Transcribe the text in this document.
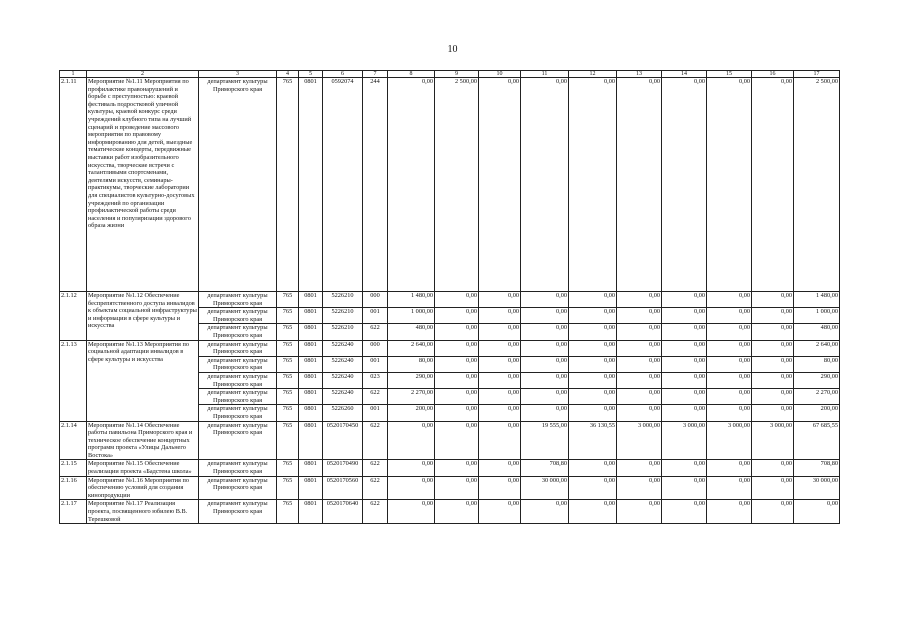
10
1	2	3	4	5	6	7	8	9	10	11	12	13	14	15	16	17
2.1.11	Мероприятие №1.11 Мероприятия по профилактике правонарушений и борьбе с преступностью: краевой фестиваль подростковой уличной культуры, краевой конкурс среди учреждений клубного типа на лучший сценарий и проведение массового мероприятия по правовому информированию для детей, выездные тематические концерты, передвижные выставки работ изобразительного искусства, творческие встречи с талантливыми спортсменами, деятелями искусств, семинары-практикумы, творческие лаборатории для специалистов культурно-досуговых учреждений по организации профилактической работы среди населения и популяризации здорового образа жизни	департамент культуры Приморского края	765	0801	0592074	244	0,00	2 500,00	0,00	0,00	0,00	0,00	0,00	0,00	0,00	2 500,00
2.1.12	Мероприятие №1.12 Обеспечение беспрепятственного доступа инвалидов к объектам социальной инфраструктуры и информации в сфере культуры и искусства	департамент культуры Приморского края	765	0801	5226210	000	1 480,00	0,00	0,00	0,00	0,00	0,00	0,00	0,00	0,00	1 480,00
		департамент культуры Приморского края	765	0801	5226210	001	1 000,00	0,00	0,00	0,00	0,00	0,00	0,00	0,00	0,00	1 000,00
		департамент культуры Приморского края	765	0801	5226210	622	480,00	0,00	0,00	0,00	0,00	0,00	0,00	0,00	0,00	480,00
2.1.13	Мероприятие №1.13 Мероприятия по социальной адаптации инвалидов в сфере культуры и искусства	департамент культуры Приморского края	765	0801	5226240	000	2 640,00	0,00	0,00	0,00	0,00	0,00	0,00	0,00	0,00	2 640,00
		департамент культуры Приморского края	765	0801	5226240	001	80,00	0,00	0,00	0,00	0,00	0,00	0,00	0,00	0,00	80,00
		департамент культуры Приморского края	765	0801	5226240	023	290,00	0,00	0,00	0,00	0,00	0,00	0,00	0,00	0,00	290,00
		департамент культуры Приморского края	765	0801	5226240	622	2 270,00	0,00	0,00	0,00	0,00	0,00	0,00	0,00	0,00	2 270,00
		департамент культуры Приморского края	765	0801	5226260	001	200,00	0,00	0,00	0,00	0,00	0,00	0,00	0,00	0,00	200,00
2.1.14	Мероприятие №1.14 Обеспечение работы павильона Приморского края и техническое обеспечение концертных программ проекта «Улицы Дальнего Востока»	департамент культуры Приморского края	765	0801	0520170450	622	0,00	0,00	0,00	19 555,00	36 130,55	3 000,00	3 000,00	3 000,00	3 000,00	67 685,55
2.1.15	Мероприятие №1.15 Обеспечение реализации проекта «Бадстена школа»	департамент культуры Приморского края	765	0801	0520170490	622	0,00	0,00	0,00	708,80	0,00	0,00	0,00	0,00	0,00	708,80
2.1.16	Мероприятие №1.16 Мероприятия по обеспечению условий для создания кинопродукции	департамент культуры Приморского края	765	0801	0520170560	622	0,00	0,00	0,00	30 000,00	0,00	0,00	0,00	0,00	0,00	30 000,00
2.1.17	Мероприятие №1.17 Реализация проекта, посвященного юбилею В.В. Терешковой	департамент культуры Приморского края	765	0801	0520170640	622	0,00	0,00	0,00	0,00	0,00	0,00	0,00	0,00	0,00	0,00
